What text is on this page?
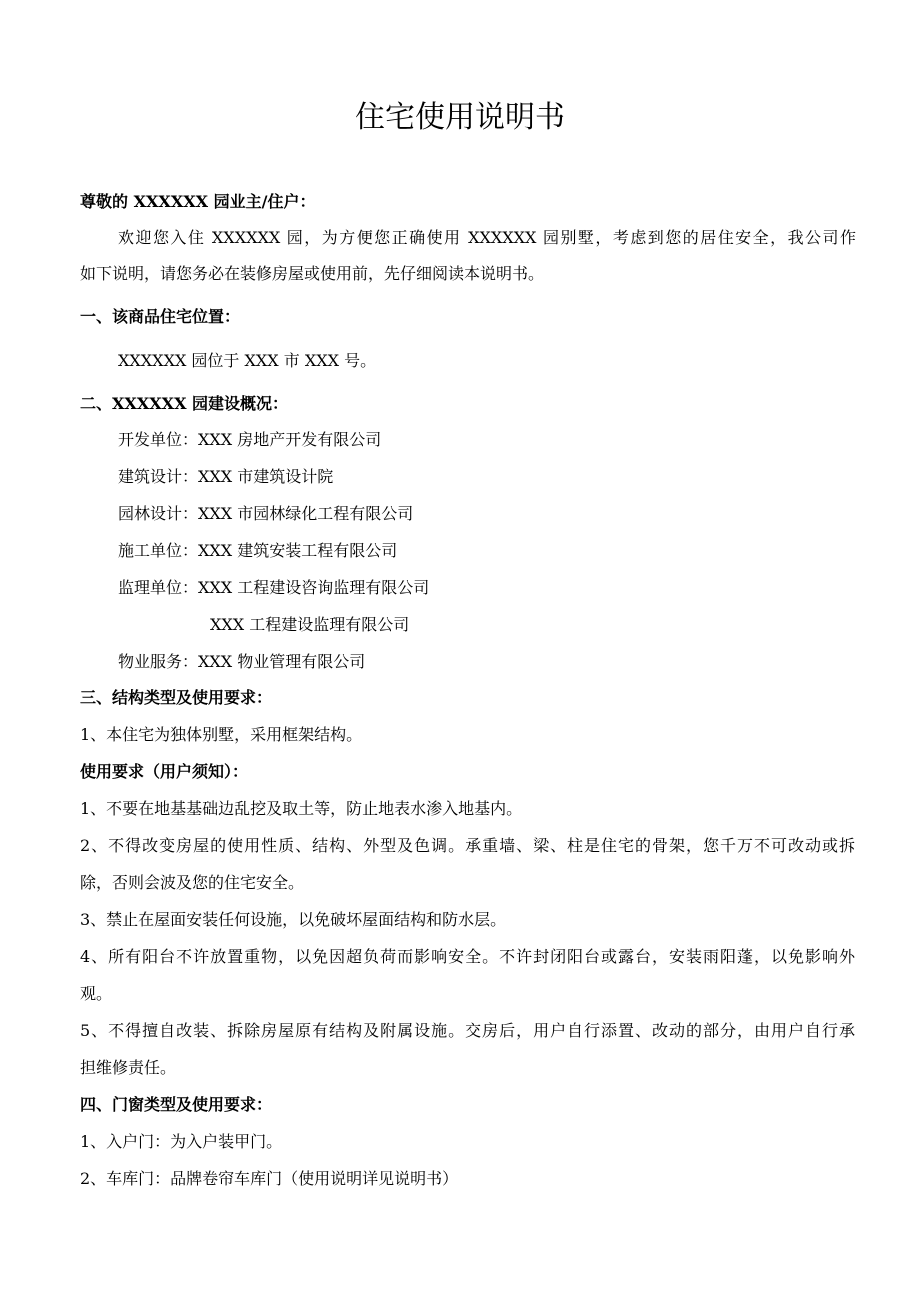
住宅使用说明书
尊敬的 XXXXXX 园业主/住户：
欢迎您入住 XXXXXX 园，为方便您正确使用 XXXXXX 园别墅，考虑到您的居住安全，我公司作
如下说明，请您务必在装修房屋或使用前，先仔细阅读本说明书。
一、该商品住宅位置：
XXXXXX 园位于 XXX 市 XXX 号。
二、XXXXXX 园建设概况：
开发单位：XXX 房地产开发有限公司
建筑设计：XXX 市建筑设计院
园林设计：XXX 市园林绿化工程有限公司
施工单位：XXX 建筑安装工程有限公司
监理单位：XXX 工程建设咨询监理有限公司
XXX 工程建设监理有限公司
物业服务：XXX 物业管理有限公司
三、结构类型及使用要求：
1、本住宅为独体别墅，采用框架结构。
使用要求（用户须知）：
1、不要在地基基础边乱挖及取土等，防止地表水渗入地基内。
2、不得改变房屋的使用性质、结构、外型及色调。承重墙、梁、柱是住宅的骨架，您千万不可改动或拆
除，否则会波及您的住宅安全。
3、禁止在屋面安装任何设施，以免破坏屋面结构和防水层。
4、所有阳台不许放置重物，以免因超负荷而影响安全。不许封闭阳台或露台，安装雨阳蓬，以免影响外
观。
5、不得擅自改装、拆除房屋原有结构及附属设施。交房后，用户自行添置、改动的部分，由用户自行承
担维修责任。
四、门窗类型及使用要求：
1、入户门：为入户装甲门。
2、车库门：品牌卷帘车库门（使用说明详见说明书）
